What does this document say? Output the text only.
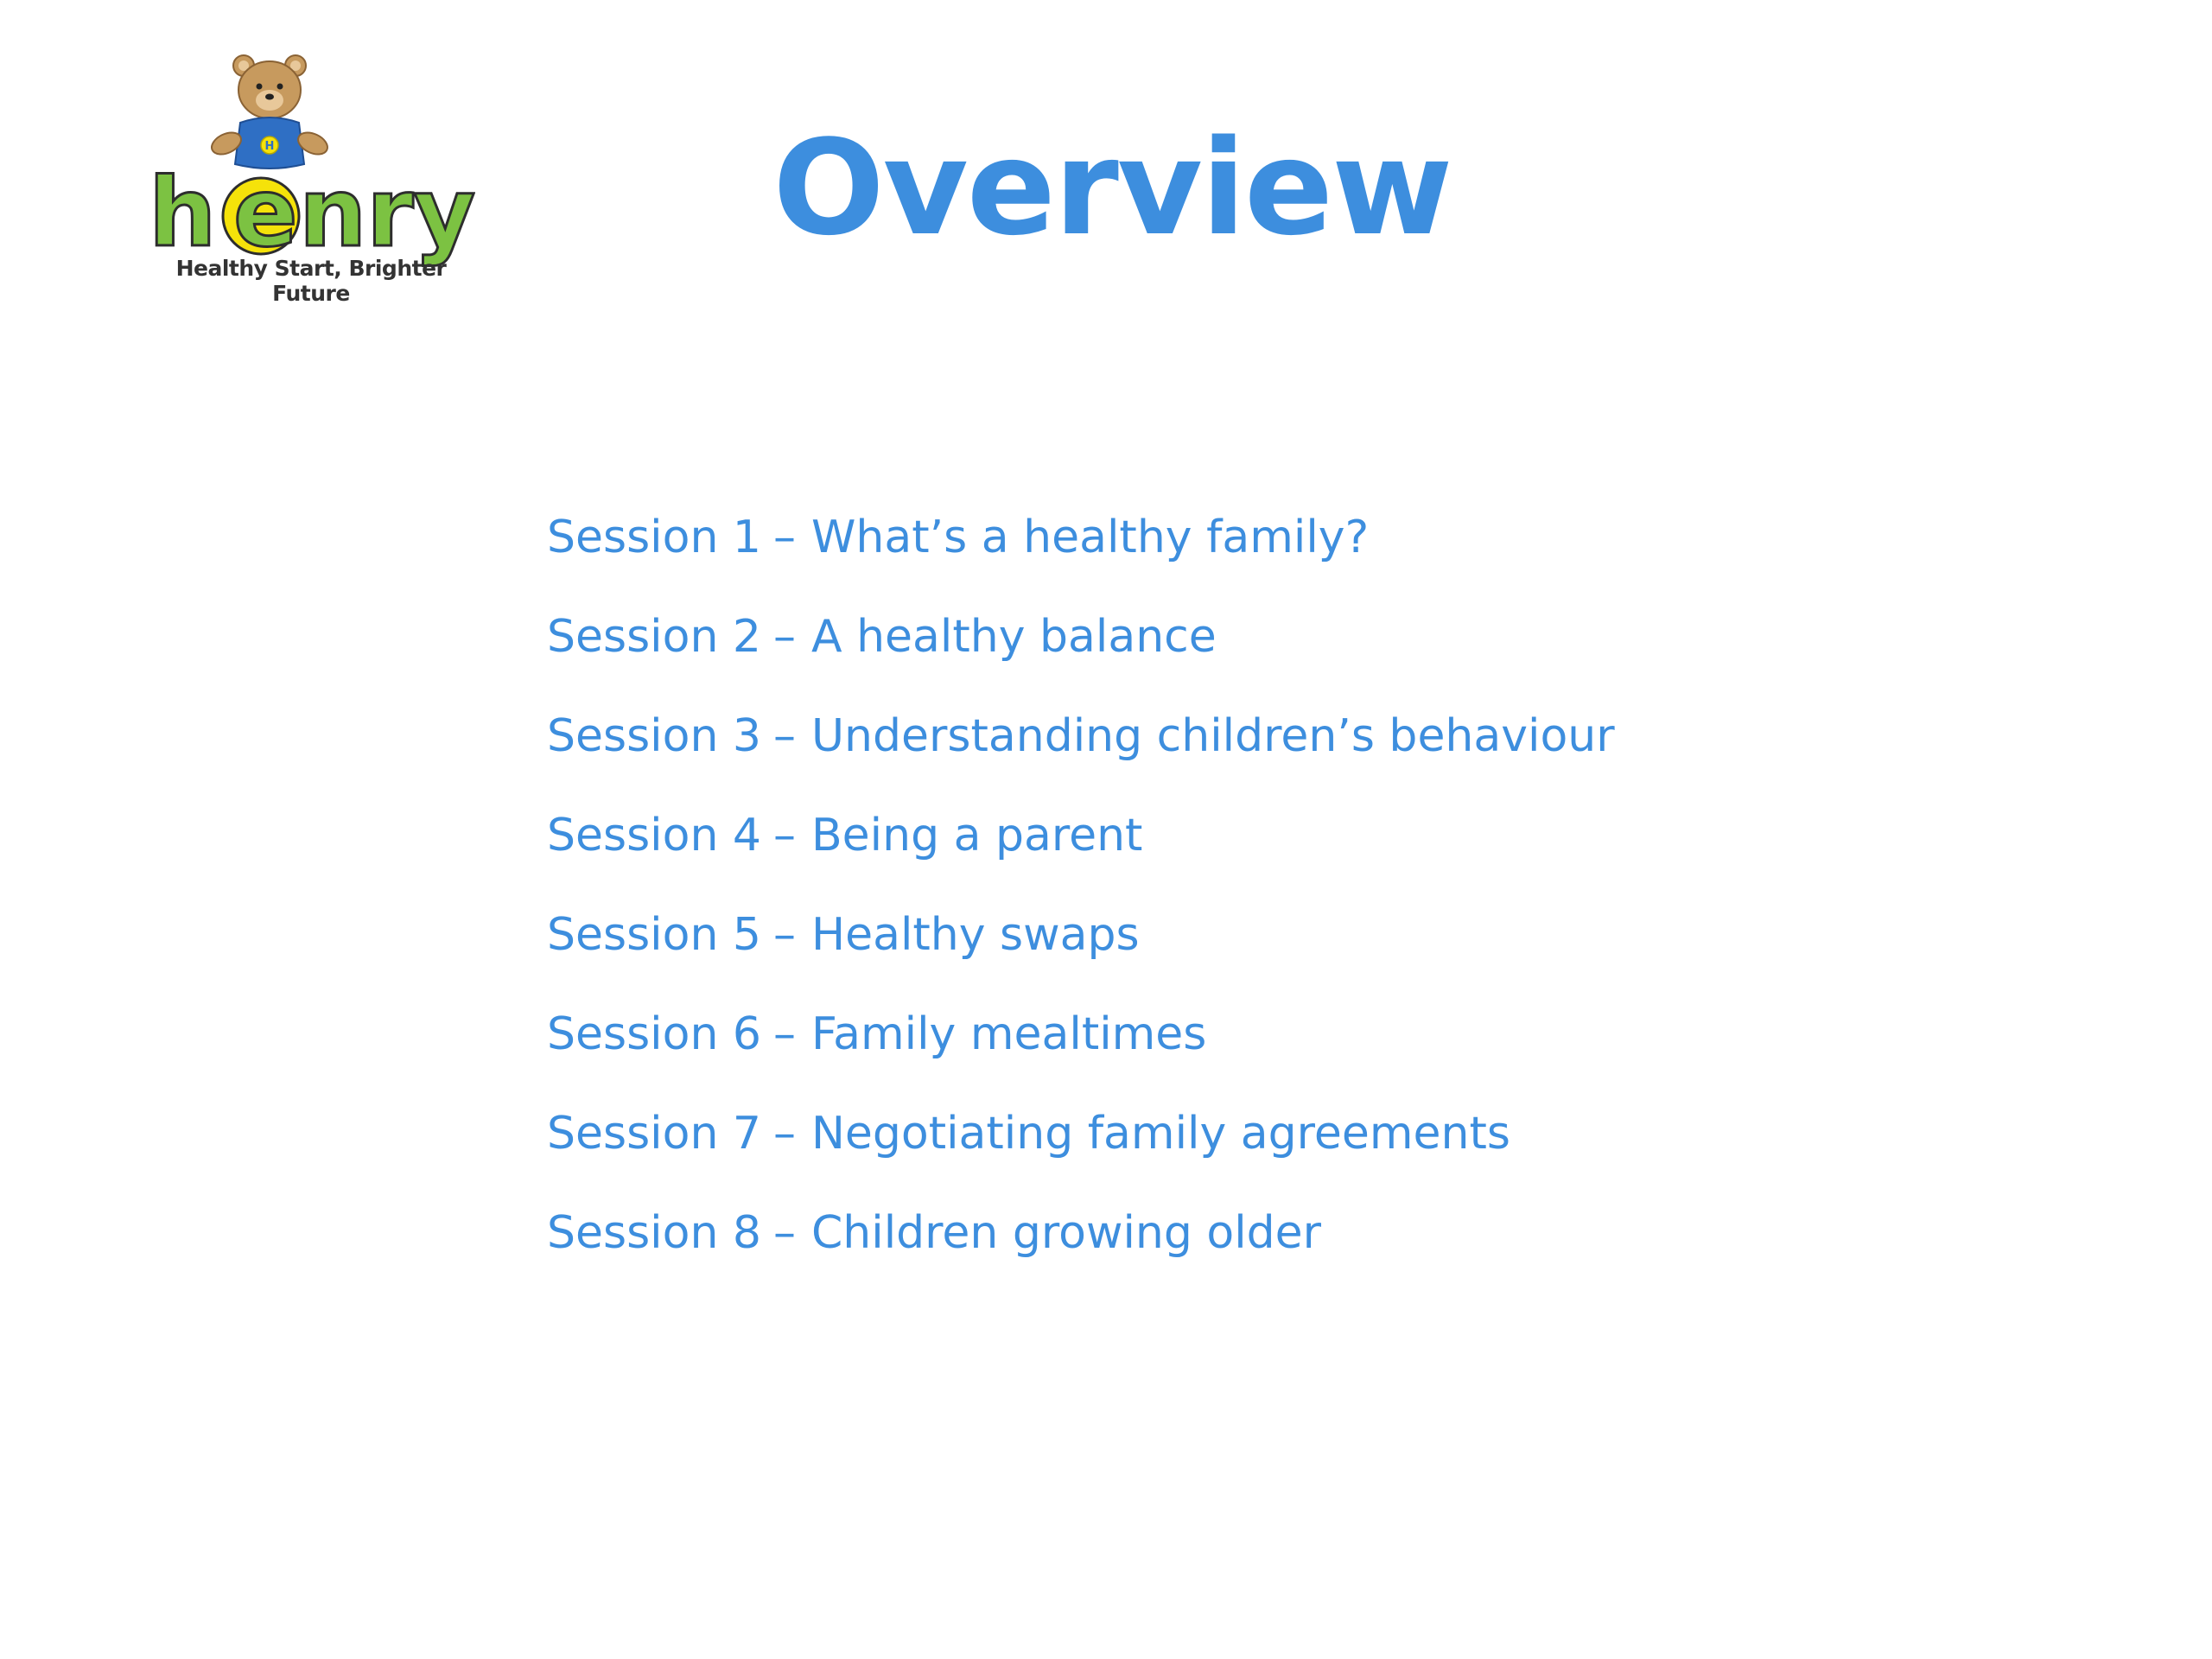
H
h e nry
Healthy Start, Brighter Future
Overview
Session 1 – What’s a healthy family?
Session 2 – A healthy balance
Session 3 – Understanding children’s behaviour
Session 4 – Being a parent
Session 5 – Healthy swaps
Session 6 – Family mealtimes
Session 7 – Negotiating family agreements
Session 8 – Children growing older
